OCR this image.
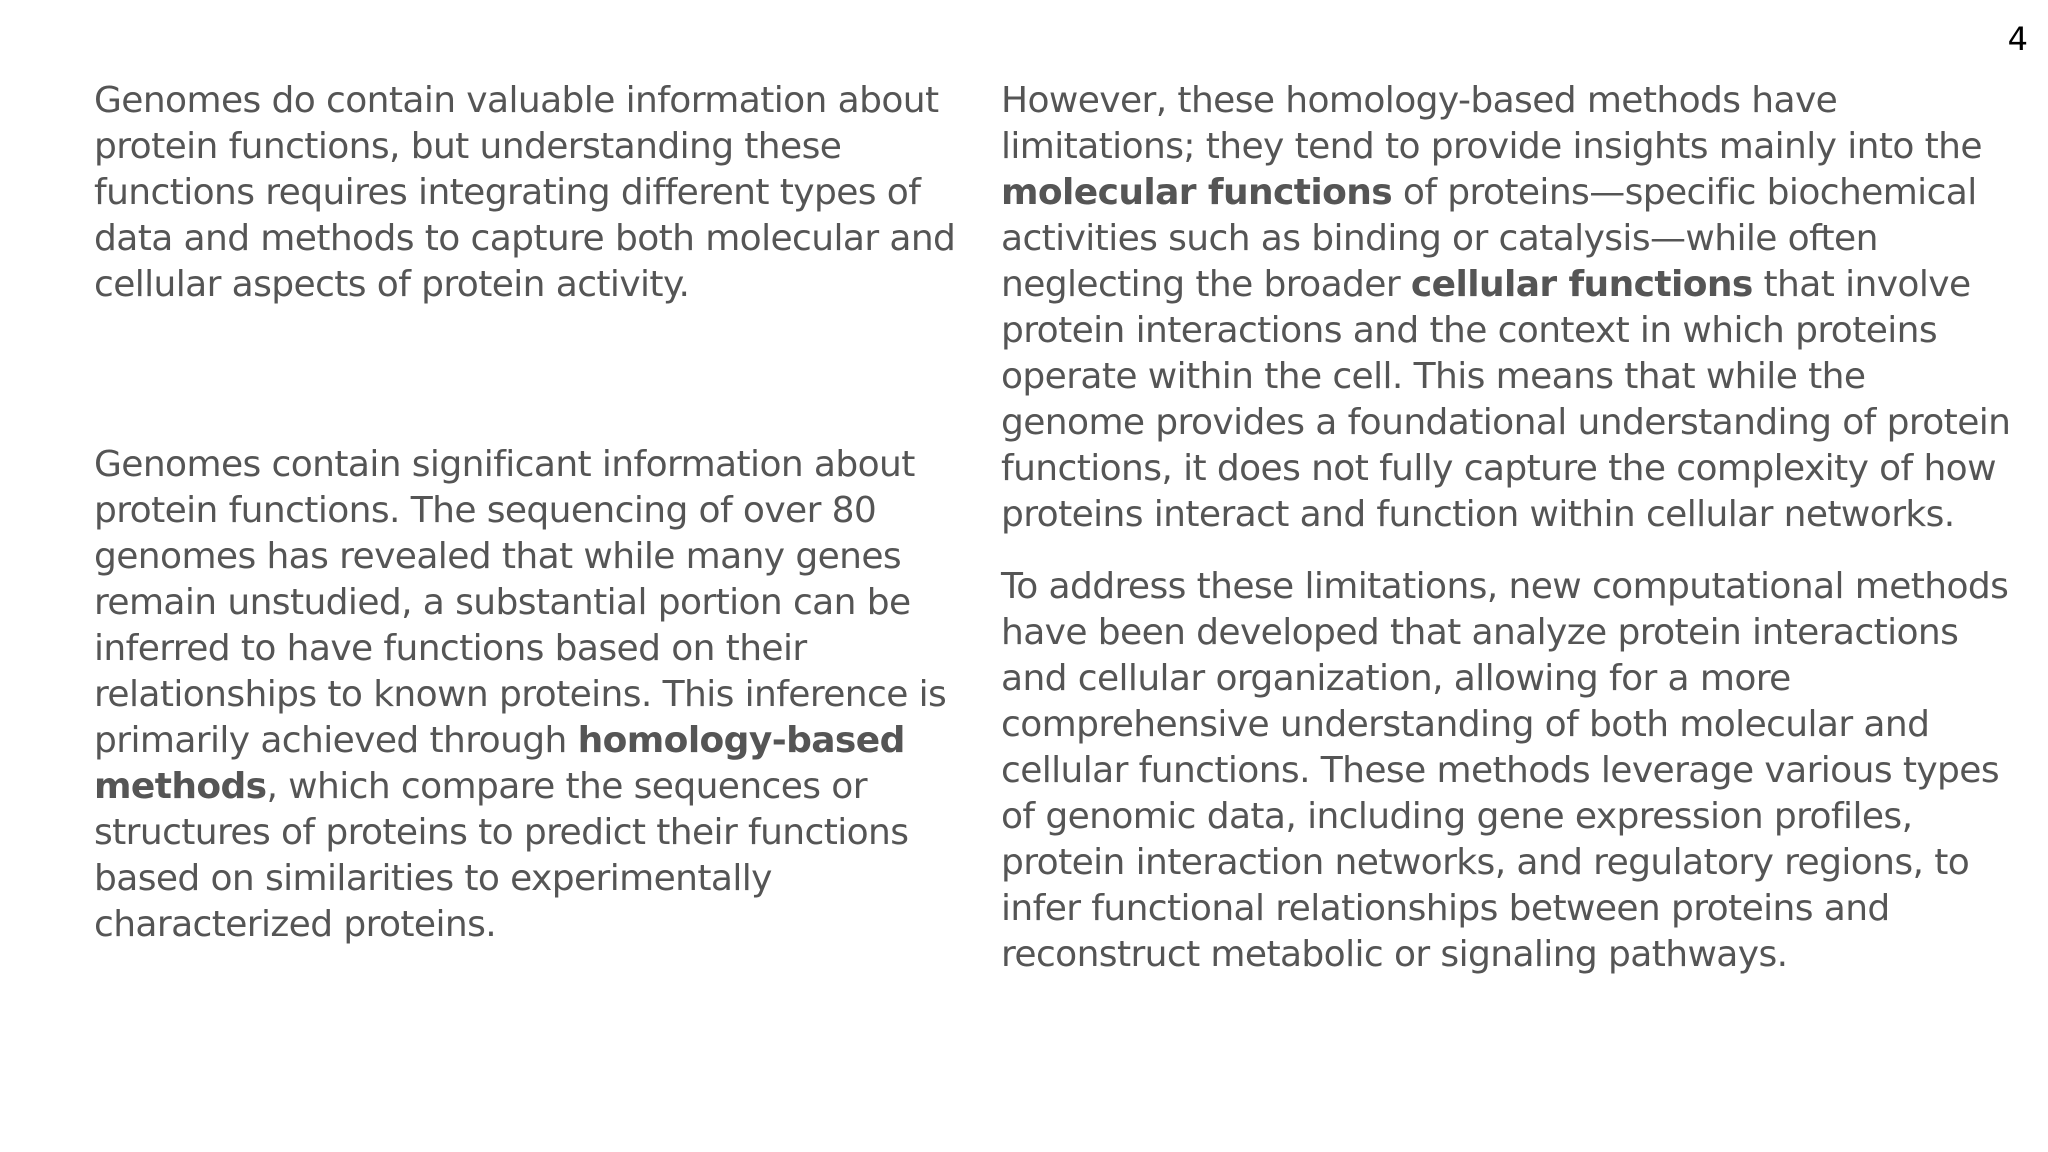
4

Genomes do contain valuable information about protein functions, but understanding these functions requires integrating different types of data and methods to capture both molecular and cellular aspects of protein activity.

Genomes contain significant information about protein functions. The sequencing of over 80 genomes has revealed that while many genes remain unstudied, a substantial portion can be inferred to have functions based on their relationships to known proteins. This inference is primarily achieved through homology-based methods, which compare the sequences or structures of proteins to predict their functions based on similarities to experimentally characterized proteins.

However, these homology-based methods have limitations; they tend to provide insights mainly into the molecular functions of proteins—specific biochemical activities such as binding or catalysis—while often neglecting the broader cellular functions that involve protein interactions and the context in which proteins operate within the cell. This means that while the genome provides a foundational understanding of protein functions, it does not fully capture the complexity of how proteins interact and function within cellular networks.

To address these limitations, new computational methods have been developed that analyze protein interactions and cellular organization, allowing for a more comprehensive understanding of both molecular and cellular functions. These methods leverage various types of genomic data, including gene expression profiles, protein interaction networks, and regulatory regions, to infer functional relationships between proteins and reconstruct metabolic or signaling pathways.
